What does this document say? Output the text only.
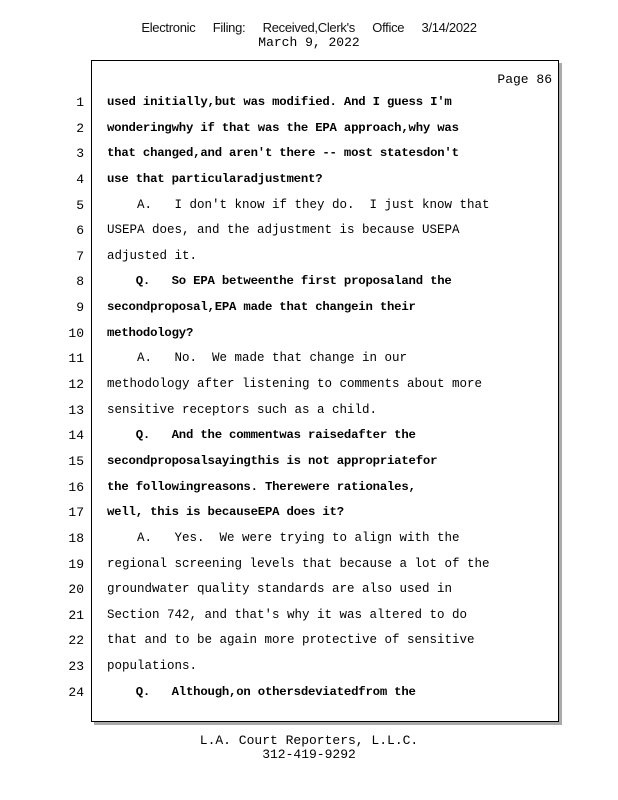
Electronic Filing: Received,Clerk's Office 3/14/2022
March 9, 2022
Page 86
1
2
3
4
5
6
7
8
9
10
11
12
13
14
15
16
17
18
19
20
21
22
23
24
used initially,but was modified. And I guess I'm
wonderingwhy if that was the EPA approach,why was
that changed,and aren't there -- most statesdon't
use that particularadjustment?
A.   I don't know if they do.  I just know that
USEPA does, and the adjustment is because USEPA
adjusted it.
Q.   So EPA betweenthe first proposaland the
secondproposal,EPA made that changein their
methodology?
A.   No.  We made that change in our
methodology after listening to comments about more
sensitive receptors such as a child.
Q.   And the commentwas raisedafter the
secondproposalsayingthis is not appropriatefor
the followingreasons. Therewere rationales,
well, this is becauseEPA does it?
A.   Yes.  We were trying to align with the
regional screening levels that because a lot of the
groundwater quality standards are also used in
Section 742, and that's why it was altered to do
that and to be again more protective of sensitive
populations.
Q.   Although,on othersdeviatedfrom the
L.A. Court Reporters, L.L.C.
312-419-9292
